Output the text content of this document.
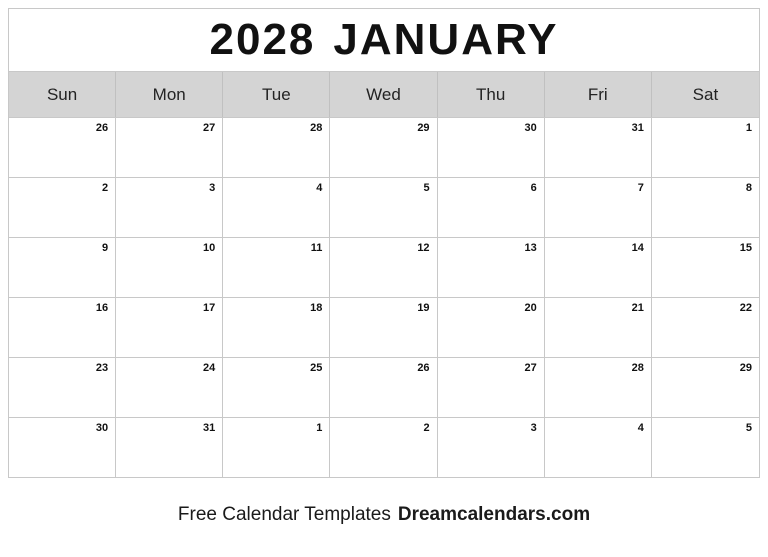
2028 JANUARY
Sun	Mon	Tue	Wed	Thu	Fri	Sat
26	27	28	29	30	31	1
2	3	4	5	6	7	8
9	10	11	12	13	14	15
16	17	18	19	20	21	22
23	24	25	26	27	28	29
30	31	1	2	3	4	5
Free Calendar Templates Dreamcalendars.com
